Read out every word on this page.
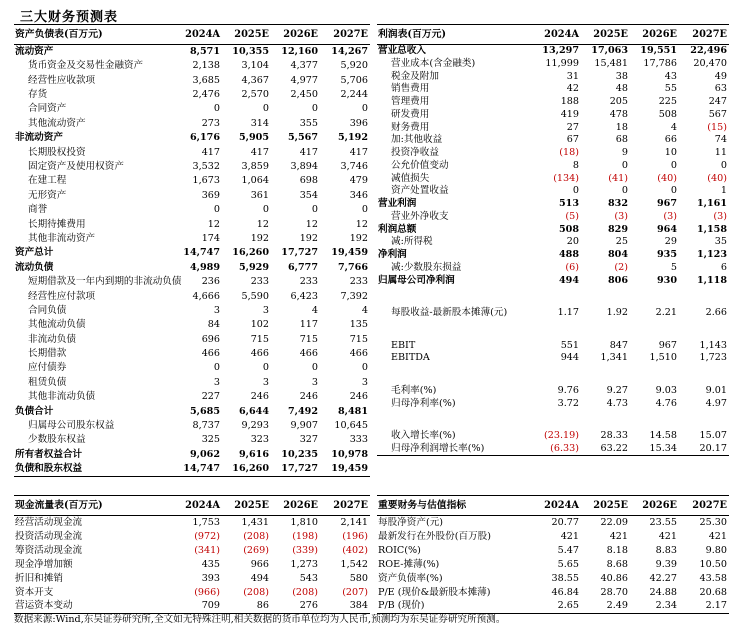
三大财务预测表
资产负债表(百万元)	2024A	2025E	2026E	2027E
流动资产	8,571	10,355	12,160	14,267
货币资金及交易性金融资产	2,138	3,104	4,377	5,920
经营性应收款项	3,685	4,367	4,977	5,706
存货	2,476	2,570	2,450	2,244
合同资产	0	0	0	0
其他流动资产	273	314	355	396
非流动资产	6,176	5,905	5,567	5,192
长期股权投资	417	417	417	417
固定资产及使用权资产	3,532	3,859	3,894	3,746
在建工程	1,673	1,064	698	479
无形资产	369	361	354	346
商誉	0	0	0	0
长期待摊费用	12	12	12	12
其他非流动资产	174	192	192	192
资产总计	14,747	16,260	17,727	19,459
流动负债	4,989	5,929	6,777	7,766
短期借款及一年内到期的非流动负债	236	233	233	233
经营性应付款项	4,666	5,590	6,423	7,392
合同负债	3	3	4	4
其他流动负债	84	102	117	135
非流动负债	696	715	715	715
长期借款	466	466	466	466
应付债券	0	0	0	0
租赁负债	3	3	3	3
其他非流动负债	227	246	246	246
负债合计	5,685	6,644	7,492	8,481
归属母公司股东权益	8,737	9,293	9,907	10,645
少数股东权益	325	323	327	333
所有者权益合计	9,062	9,616	10,235	10,978
负债和股东权益	14,747	16,260	17,727	19,459
利润表(百万元)	2024A	2025E	2026E	2027E
营业总收入	13,297	17,063	19,551	22,496
营业成本(含金融类)	11,999	15,481	17,786	20,470
税金及附加	31	38	43	49
销售费用	42	48	55	63
管理费用	188	205	225	247
研发费用	419	478	508	567
财务费用	27	18	4	(15)
加:其他收益	67	68	66	74
投资净收益	(18)	9	10	11
公允价值变动	8	0	0	0
减值损失	(134)	(41)	(40)	(40)
资产处置收益	0	0	0	1
营业利润	513	832	967	1,161
营业外净收支	(5)	(3)	(3)	(3)
利润总额	508	829	964	1,158
减:所得税	20	25	29	35
净利润	488	804	935	1,123
减:少数股东损益	(6)	(2)	5	6
归属母公司净利润	494	806	930	1,118

每股收益-最新股本摊薄(元)	1.17	1.92	2.21	2.66

EBIT	551	847	967	1,143
EBITDA	944	1,341	1,510	1,723

毛利率(%)	9.76	9.27	9.03	9.01
归母净利率(%)	3.72	4.73	4.76	4.97

收入增长率(%)	(23.19)	28.33	14.58	15.07
归母净利润增长率(%)	(6.33)	63.22	15.34	20.17
现金流量表(百万元)	2024A	2025E	2026E	2027E
经营活动现金流	1,753	1,431	1,810	2,141
投资活动现金流	(972)	(208)	(198)	(196)
筹资活动现金流	(341)	(269)	(339)	(402)
现金净增加额	435	966	1,273	1,542
折旧和摊销	393	494	543	580
资本开支	(966)	(208)	(208)	(207)
营运资本变动	709	86	276	384
重要财务与估值指标	2024A	2025E	2026E	2027E
每股净资产(元)	20.77	22.09	23.55	25.30
最新发行在外股份(百万股)	421	421	421	421
ROIC(%)	5.47	8.18	8.83	9.80
ROE-摊薄(%)	5.65	8.68	9.39	10.50
资产负债率(%)	38.55	40.86	42.27	43.58
P/E (现价&最新股本摊薄)	46.84	28.70	24.88	20.68
P/B (现价)	2.65	2.49	2.34	2.17
数据来源:Wind,东吴证券研究所,全文如无特殊注明,相关数据的货币单位均为人民币,预测均为东吴证券研究所预测。
